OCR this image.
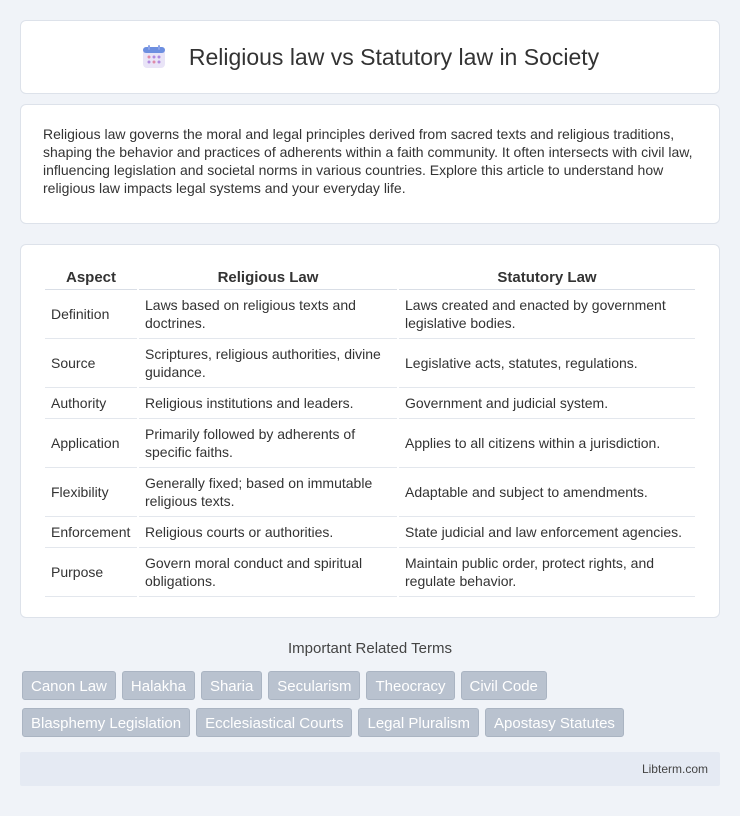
Religious law vs Statutory law in Society

Religious law governs the moral and legal principles derived from sacred texts and religious traditions, shaping the behavior and practices of adherents within a faith community. It often intersects with civil law, influencing legislation and societal norms in various countries. Explore this article to understand how religious law impacts legal systems and your everyday life.

Aspect	Religious Law	Statutory Law
Definition	Laws based on religious texts and doctrines.	Laws created and enacted by government legislative bodies.
Source	Scriptures, religious authorities, divine guidance.	Legislative acts, statutes, regulations.
Authority	Religious institutions and leaders.	Government and judicial system.
Application	Primarily followed by adherents of specific faiths.	Applies to all citizens within a jurisdiction.
Flexibility	Generally fixed; based on immutable religious texts.	Adaptable and subject to amendments.
Enforcement	Religious courts or authorities.	State judicial and law enforcement agencies.
Purpose	Govern moral conduct and spiritual obligations.	Maintain public order, protect rights, and regulate behavior.
Important Related Terms
Canon Law	Halakha	Sharia	Secularism	Theocracy	Civil Code
Blasphemy Legislation	Ecclesiastical Courts	Legal Pluralism	Apostasy Statutes
Libterm.com
